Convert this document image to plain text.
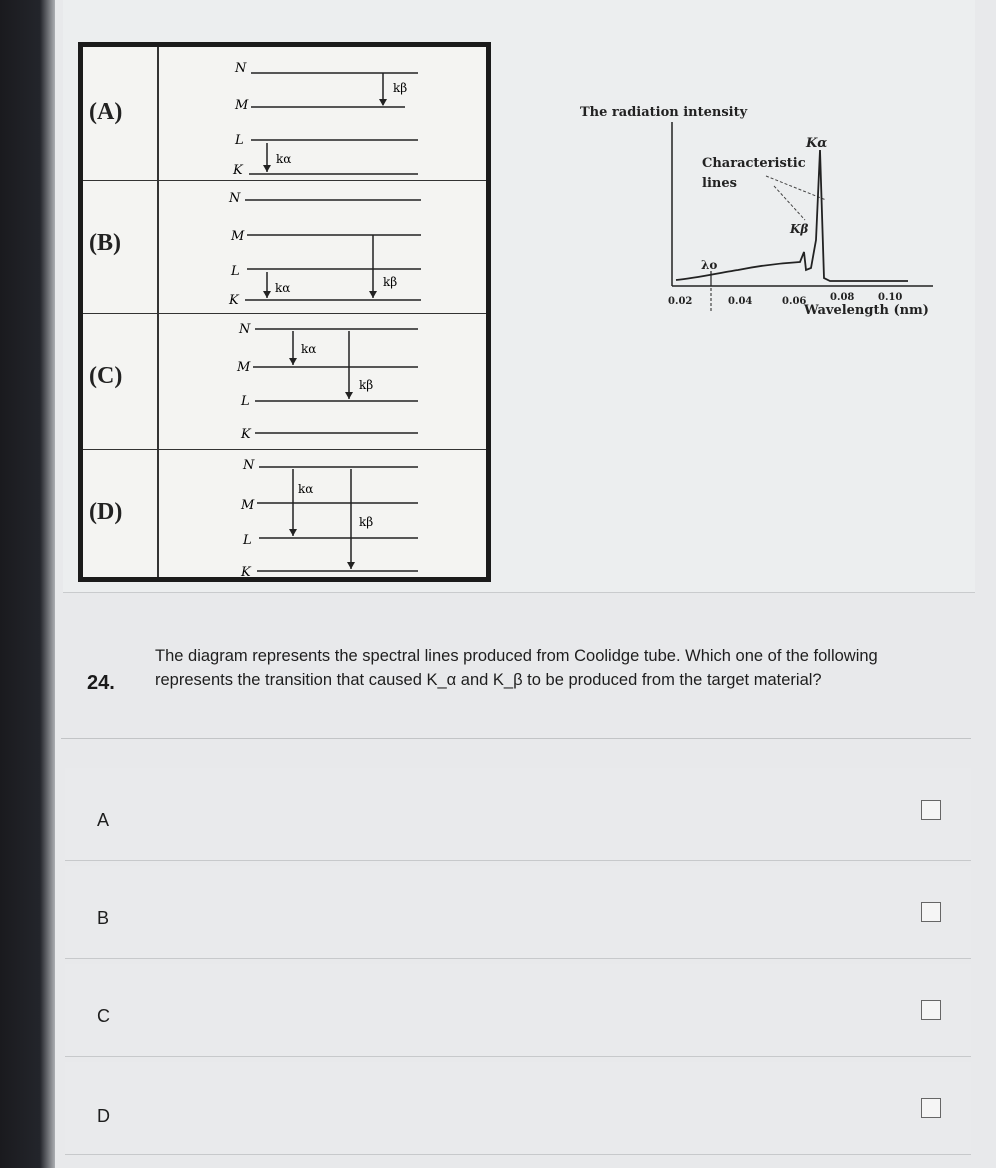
(A)
N
M
kβ
L
kα
K
(B)
N
M
kβ
L
kα
K
(C)
N
kα
M
kβ
L
K
(D)
N
kα
M
kβ
L
K
The radiation intensity
Kα
Characteristic
lines
Kβ
λo
0.02	0.04	0.06 0.08 0.10
Wavelength (nm)
24.
The diagram represents the spectral lines produced from Coolidge tube. Which one of the following represents the transition that caused K_α and K_β to be produced from the target material?
A
B
C
D
